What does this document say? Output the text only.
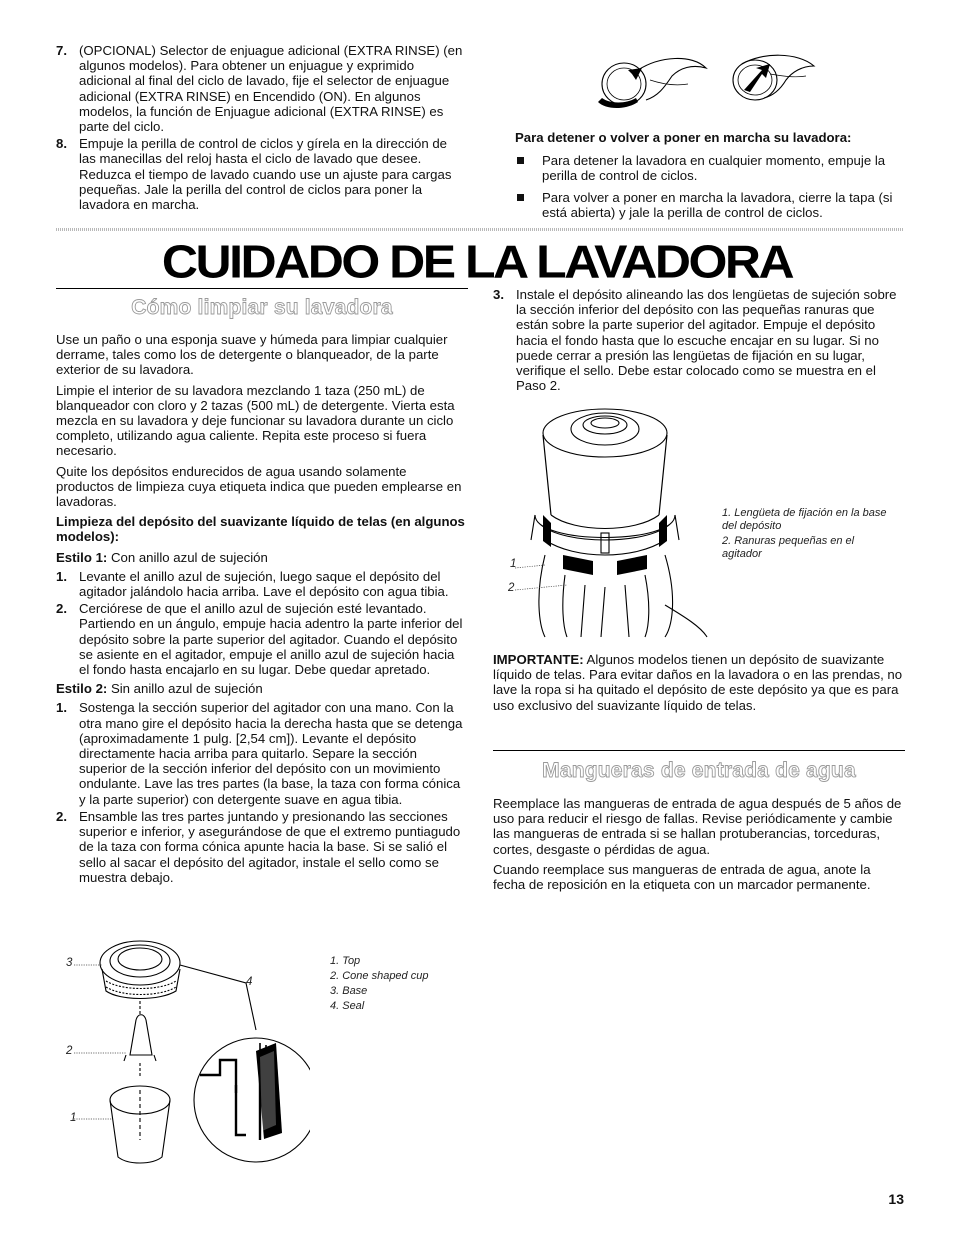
7. (OPCIONAL) Selector de enjuague adicional (EXTRA RINSE) (en algunos modelos). Para obtener un enjuague y exprimido adicional al final del ciclo de lavado, fije el selector de enjuague adicional (EXTRA RINSE) en Encendido (ON). En algunos modelos, la función de Enjuague adicional (EXTRA RINSE) es parte del ciclo.
8. Empuje la perilla de control de ciclos y gírela en la dirección de las manecillas del reloj hasta el ciclo de lavado que desee. Reduzca el tiempo de lavado cuando use un ajuste para cargas pequeñas. Jale la perilla del control de ciclos para poner la lavadora en marcha.
Para detener o volver a poner en marcha su lavadora:
Para detener la lavadora en cualquier momento, empuje la perilla de control de ciclos.
Para volver a poner en marcha la lavadora, cierre la tapa (si está abierta) y jale la perilla de control de ciclos.
CUIDADO DE LA LAVADORA
Cómo limpiar su lavadora

Use un paño o una esponja suave y húmeda para limpiar cualquier derrame, tales como los de detergente o blanqueador, de la parte exterior de su lavadora.

Limpie el interior de su lavadora mezclando 1 taza (250 mL) de blanqueador con cloro y 2 tazas (500 mL) de detergente. Vierta esta mezcla en su lavadora y deje funcionar su lavadora durante un ciclo completo, utilizando agua caliente. Repita este proceso si fuera necesario.

Quite los depósitos endurecidos de agua usando solamente productos de limpieza cuya etiqueta indica que pueden emplearse en lavadoras.

Limpieza del depósito del suavizante líquido de telas (en algunos modelos):
Estilo 1: Con anillo azul de sujeción
1. Levante el anillo azul de sujeción, luego saque el depósito del agitador jalándolo hacia arriba. Lave el depósito con agua tibia.
2. Cerciórese de que el anillo azul de sujeción esté levantado. Partiendo en un ángulo, empuje hacia adentro la parte inferior del depósito sobre la parte superior del agitador. Cuando el depósito se asiente en el agitador, empuje el anillo azul de sujeción hacia el fondo hasta encajarlo en su lugar. Debe quedar apretado.
Estilo 2: Sin anillo azul de sujeción
1. Sostenga la sección superior del agitador con una mano. Con la otra mano gire el depósito hacia la derecha hasta que se detenga (aproximadamente 1 pulg. [2,54 cm]). Levante el depósito directamente hacia arriba para quitarlo. Separe la sección superior de la sección inferior del depósito con un movimiento ondulante. Lave las tres partes (la base, la taza con forma cónica y la parte superior) con detergente suave en agua tibia.
2. Ensamble las tres partes juntando y presionando las secciones superior e inferior, y asegurándose de que el extremo puntiagudo de la taza con forma cónica apunte hacia la base. Si se salió el sello al sacar el depósito del agitador, instale el sello como se muestra debajo.
3
4
2
1
1. Top
2. Cone shaped cup
3. Base
4. Seal
3. Instale el depósito alineando las dos lengüetas de sujeción sobre la sección inferior del depósito con las pequeñas ranuras que están sobre la parte superior del agitador. Empuje el depósito hacia el fondo hasta que lo escuche encajar en su lugar. Si no puede cerrar a presión las lengüetas de fijación en su lugar, verifique el sello. Debe estar colocado como se muestra en el Paso 2.
1
2
1. Lengüeta de fijación en la base del depósito
2. Ranuras pequeñas en el agitador
IMPORTANTE: Algunos modelos tienen un depósito de suavizante líquido de telas. Para evitar daños en la lavadora o en las prendas, no lave la ropa si ha quitado el depósito de este depósito ya que es para uso exclusivo del suavizante líquido de telas.
Mangueras de entrada de agua

Reemplace las mangueras de entrada de agua después de 5 años de uso para reducir el riesgo de fallas. Revise periódicamente y cambie las mangueras de entrada si se hallan protuberancias, torceduras, cortes, desgaste o pérdidas de agua.

Cuando reemplace sus mangueras de entrada de agua, anote la fecha de reposición en la etiqueta con un marcador permanente.

13
